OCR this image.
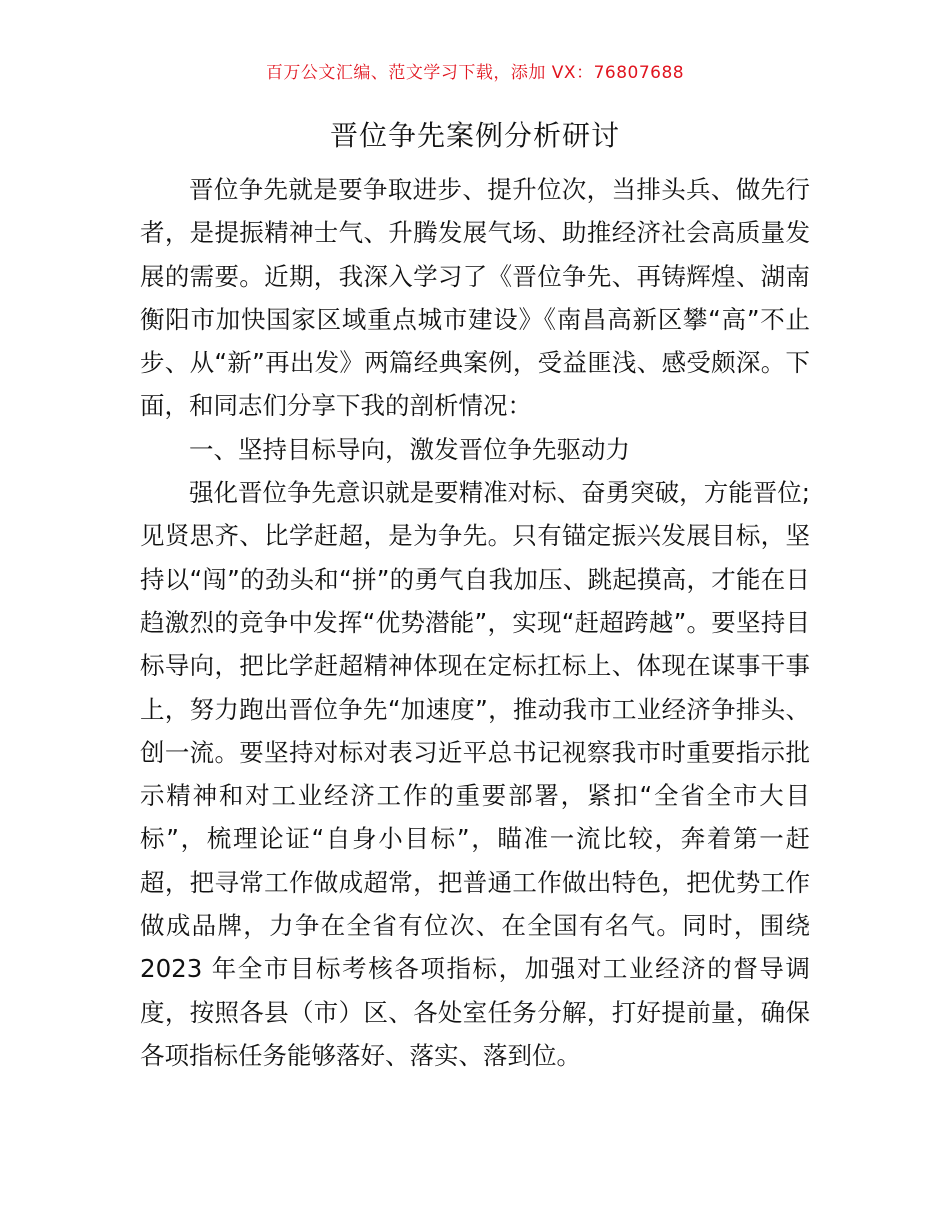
百万公文汇编、范文学习下载，添加 VX：76807688
晋位争先案例分析研讨

晋位争先就是要争取进步、提升位次，当排头兵、做先行者，是提振精神士气、升腾发展气场、助推经济社会高质量发展的需要。近期，我深入学习了《晋位争先、再铸辉煌、湖南衡阳市加快国家区域重点城市建设》《南昌高新区攀“高”不止步、从“新”再出发》两篇经典案例，受益匪浅、感受颇深。下面，和同志们分享下我的剖析情况：

一、坚持目标导向，激发晋位争先驱动力

强化晋位争先意识就是要精准对标、奋勇突破，方能晋位;见贤思齐、比学赶超，是为争先。只有锚定振兴发展目标，坚持以“闯”的劲头和“拼”的勇气自我加压、跳起摸高，才能在日趋激烈的竞争中发挥“优势潜能”，实现“赶超跨越”。要坚持目标导向，把比学赶超精神体现在定标扛标上、体现在谋事干事上，努力跑出晋位争先“加速度”，推动我市工业经济争排头、创一流。要坚持对标对表习近平总书记视察我市时重要指示批示精神和对工业经济工作的重要部署，紧扣“全省全市大目标”，梳理论证“自身小目标”，瞄准一流比较，奔着第一赶超，把寻常工作做成超常，把普通工作做出特色，把优势工作做成品牌，力争在全省有位次、在全国有名气。同时，围绕 2023 年全市目标考核各项指标，加强对工业经济的督导调度，按照各县（市）区、各处室任务分解，打好提前量，确保各项指标任务能够落好、落实、落到位。
